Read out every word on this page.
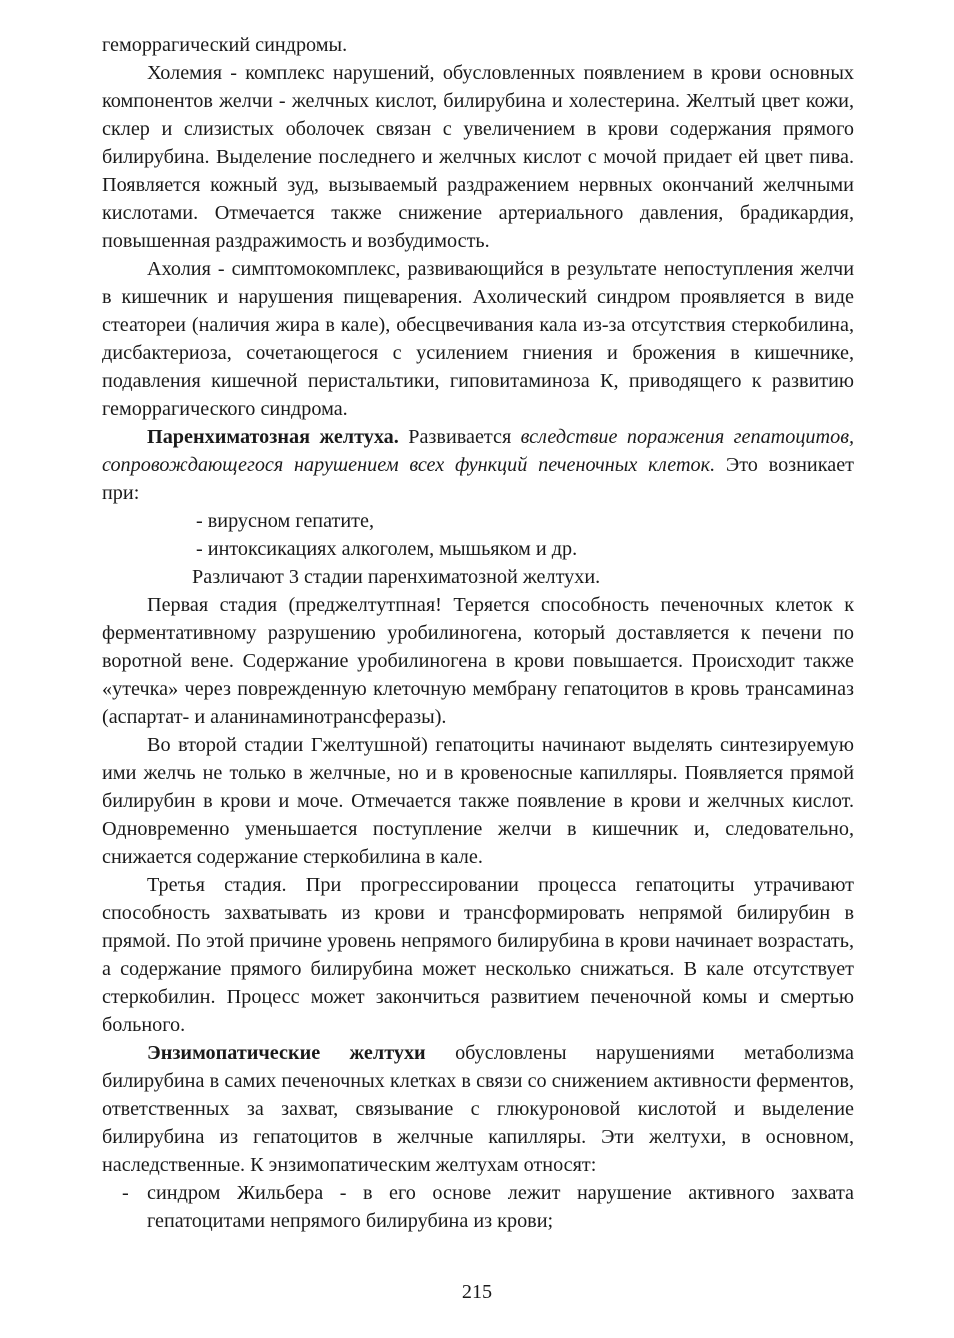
геморрагический синдромы.

Холемия - комплекс нарушений, обусловленных появлением в крови основных компонентов желчи - желчных кислот, билирубина и холестерина. Желтый цвет кожи, склер и слизистых оболочек связан с увеличением в крови содержания прямого билирубина. Выделение последнего и желчных кислот с мочой придает ей цвет пива. Появляется кожный зуд, вызываемый раздражением нервных окончаний желчными кислотами. Отмечается также снижение артериального давления, брадикардия, повышенная раздражимость и возбудимость.

Ахолия - симптомокомплекс, развивающийся в результате непоступления желчи в кишечник и нарушения пищеварения. Ахолический синдром проявляется в виде стеатореи (наличия жира в кале), обесцвечивания кала из-за отсутствия стеркобилина, дисбактериоза, сочетающегося с усилением гниения и брожения в кишечнике, подавления кишечной перистальтики, гиповитаминоза К, приводящего к развитию геморрагического синдрома.

Паренхиматозная желтуха. Развивается вследствие поражения гепатоцитов, сопровождающегося нарушением всех функций печеночных клеток. Это возникает при:

- вирусном гепатите,

- интоксикациях алкоголем, мышьяком и др.

Различают 3 стадии паренхиматозной желтухи.

Первая стадия (преджелтутпная! Теряется способность печеночных клеток к ферментативному разрушению уробилиногена, который доставляется к печени по воротной вене. Содержание уробилиногена в крови повышается. Происходит также «утечка» через поврежденную клеточную мембрану гепатоцитов в кровь трансаминаз (аспартат- и аланинаминотрансферазы).

Во второй стадии Гжелтушной) гепатоциты начинают выделять синтезируемую ими желчь не только в желчные, но и в кровеносные капилляры. Появляется прямой билирубин в крови и моче. Отмечается также появление в крови и желчных кислот. Одновременно уменьшается поступление желчи в кишечник и, следовательно, снижается содержание стеркобилина в кале.

Третья стадия. При прогрессировании процесса гепатоциты утрачивают способность захватывать из крови и трансформировать непрямой билирубин в прямой. По этой причине уровень непрямого билирубина в крови начинает возрастать, а содержание прямого билирубина может несколько снижаться. В кале отсутствует стеркобилин. Процесс может закончиться развитием печеночной комы и смертью больного.

Энзимопатические желтухи обусловлены нарушениями метаболизма билирубина в самих печеночных клетках в связи со снижением активности ферментов, ответственных за захват, связывание с глюкуроновой кислотой и выделение билирубина из гепатоцитов в желчные капилляры. Эти желтухи, в основном, наследственные. К энзимопатическим желтухам относят:

- синдром Жильбера - в его основе лежит нарушение активного захвата гепатоцитами непрямого билирубина из крови;

215
